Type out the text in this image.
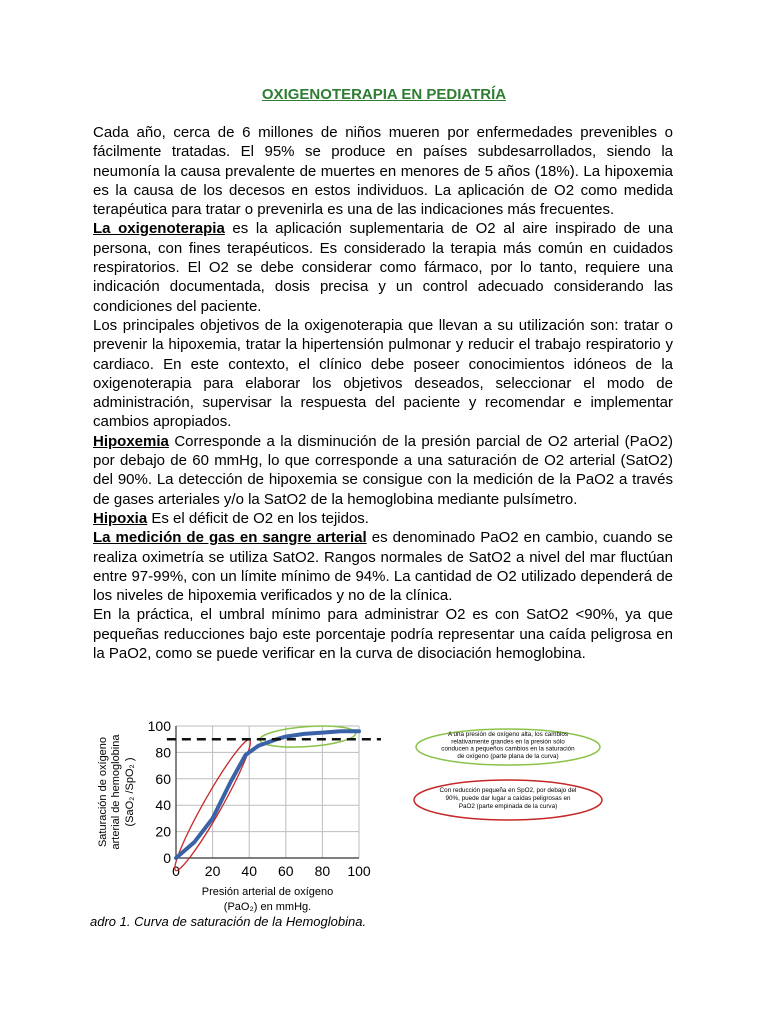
OXIGENOTERAPIA EN PEDIATRÍA

Cada año, cerca de 6 millones de niños mueren por enfermedades prevenibles o fácilmente tratadas. El 95% se produce en países subdesarrollados, siendo la neumonía la causa prevalente de muertes en menores de 5 años (18%). La hipoxemia es la causa de los decesos en estos individuos. La aplicación de O2 como medida terapéutica para tratar o prevenirla es una de las indicaciones más frecuentes.

La oxigenoterapia es la aplicación suplementaria de O2 al aire inspirado de una persona, con fines terapéuticos. Es considerado la terapia más común en cuidados respiratorios. El O2 se debe considerar como fármaco, por lo tanto, requiere una indicación documentada, dosis precisa y un control adecuado considerando las condiciones del paciente.

Los principales objetivos de la oxigenoterapia que llevan a su utilización son: tratar o prevenir la hipoxemia, tratar la hipertensión pulmonar y reducir el trabajo respiratorio y cardiaco. En este contexto, el clínico debe poseer conocimientos idóneos de la oxigenoterapia para elaborar los objetivos deseados, seleccionar el modo de administración, supervisar la respuesta del paciente y recomendar e implementar cambios apropiados.

Hipoxemia Corresponde a la disminución de la presión parcial de O2 arterial (PaO2) por debajo de 60 mmHg, lo que corresponde a una saturación de O2 arterial (SatO2) del 90%. La detección de hipoxemia se consigue con la medición de la PaO2 a través de gases arteriales y/o la SatO2 de la hemoglobina mediante pulsímetro.

Hipoxia Es el déficit de O2 en los tejidos.

La medición de gas en sangre arterial es denominado PaO2 en cambio, cuando se realiza oximetría se utiliza SatO2. Rangos normales de SatO2 a nivel del mar fluctúan entre 97-99%, con un límite mínimo de 94%. La cantidad de O2 utilizado dependerá de los niveles de hipoxemia verificados y no de la clínica.

En la práctica, el umbral mínimo para administrar O2 es con SatO2 <90%, ya que pequeñas reducciones bajo este porcentaje podría representar una caída peligrosa en la PaO2, como se puede verificar en la curva de disociación hemoglobina.

0 20 40 60 80 100
0
20
40
60
80
100
Saturación de oxígeno arterial de hemoglobina (SaO₂ /SpO₂ )
Presión arterial de oxígeno
(PaO₂) en mmHg.
A una presión de oxígeno alta, los cambios
relativamente grandes en la presión sólo
conducen a pequeños cambios en la saturación
de oxígeno (parte plana de la curva)
Con reducción pequeña en SpO2, por debajo del
90%, puede dar lugar a caídas peligrosas en
PaO2 (parte empinada de la curva)
adro 1. Curva de saturación de la Hemoglobina.
